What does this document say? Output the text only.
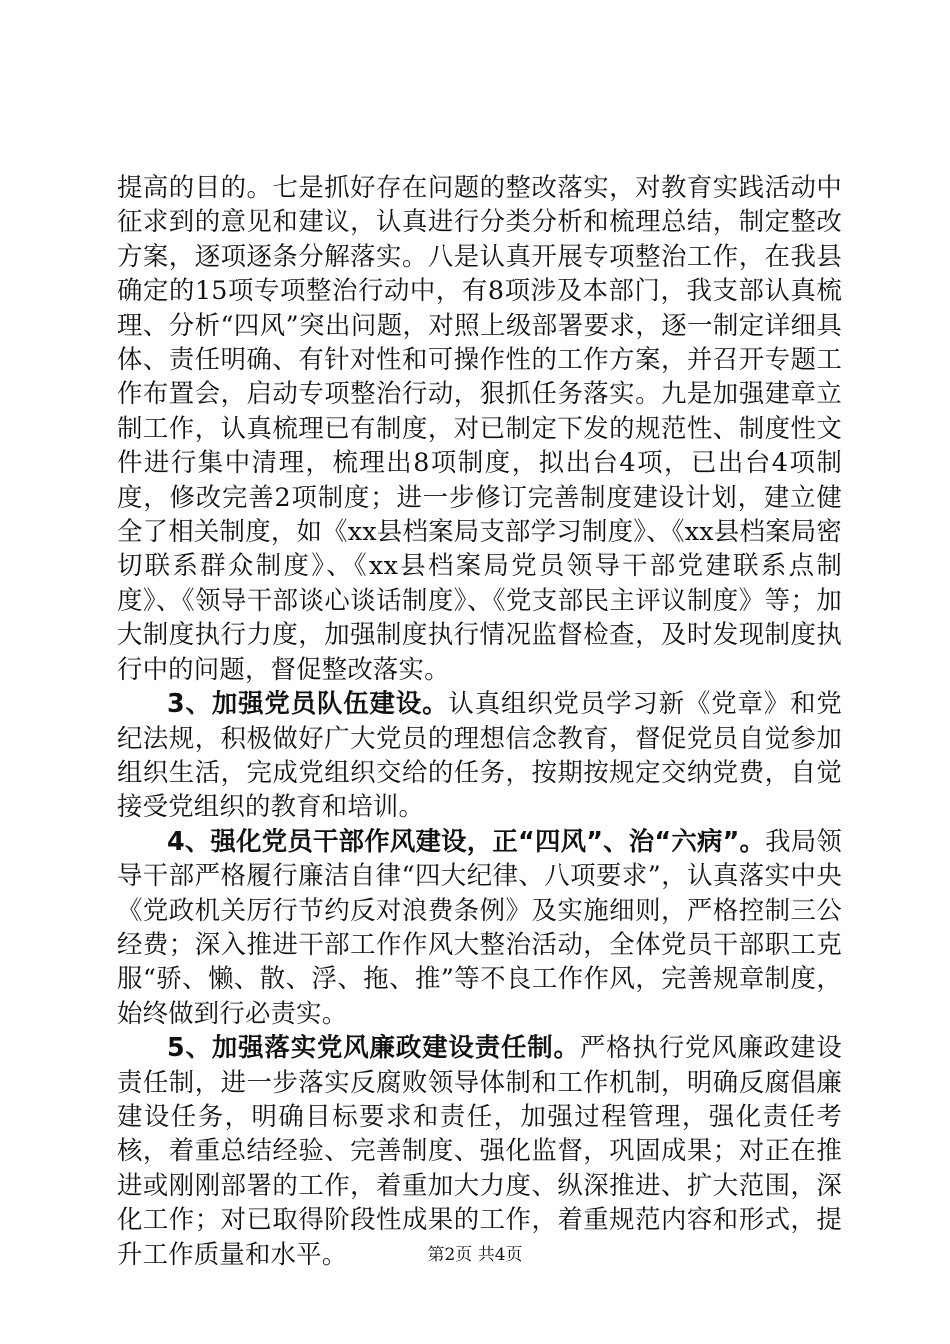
提高的目的。七是抓好存在问题的整改落实，对教育实践活动中征求到的意见和建议，认真进行分类分析和梳理总结，制定整改方案，逐项逐条分解落实。八是认真开展专项整治工作，在我县确定的15项专项整治行动中，有8项涉及本部门，我支部认真梳理、分析“四风”突出问题，对照上级部署要求，逐一制定详细具体、责任明确、有针对性和可操作性的工作方案，并召开专题工作布置会，启动专项整治行动，狠抓任务落实。九是加强建章立制工作，认真梳理已有制度，对已制定下发的规范性、制度性文件进行集中清理，梳理出8项制度，拟出台4项，已出台4项制度，修改完善2项制度；进一步修订完善制度建设计划，建立健全了相关制度，如《xx县档案局支部学习制度》、《xx县档案局密切联系群众制度》、《xx县档案局党员领导干部党建联系点制度》、《领导干部谈心谈话制度》、《党支部民主评议制度》等；加大制度执行力度，加强制度执行情况监督检查，及时发现制度执行中的问题，督促整改落实。

3、加强党员队伍建设。认真组织党员学习新《党章》和党纪法规，积极做好广大党员的理想信念教育，督促党员自觉参加组织生活，完成党组织交给的任务，按期按规定交纳党费，自觉接受党组织的教育和培训。

4、强化党员干部作风建设，正“四风”、治“六病”。我局领导干部严格履行廉洁自律“四大纪律、八项要求”，认真落实中央《党政机关厉行节约反对浪费条例》及实施细则，严格控制三公经费；深入推进干部工作作风大整治活动，全体党员干部职工克服“骄、懒、散、浮、拖、推”等不良工作作风，完善规章制度，始终做到行必责实。

5、加强落实党风廉政建设责任制。严格执行党风廉政建设责任制，进一步落实反腐败领导体制和工作机制，明确反腐倡廉建设任务，明确目标要求和责任，加强过程管理，强化责任考核，着重总结经验、完善制度、强化监督，巩固成果；对正在推进或刚刚部署的工作，着重加大力度、纵深推进、扩大范围，深化工作；对已取得阶段性成果的工作，着重规范内容和形式，提升工作质量和水平。	第2页 共4页
